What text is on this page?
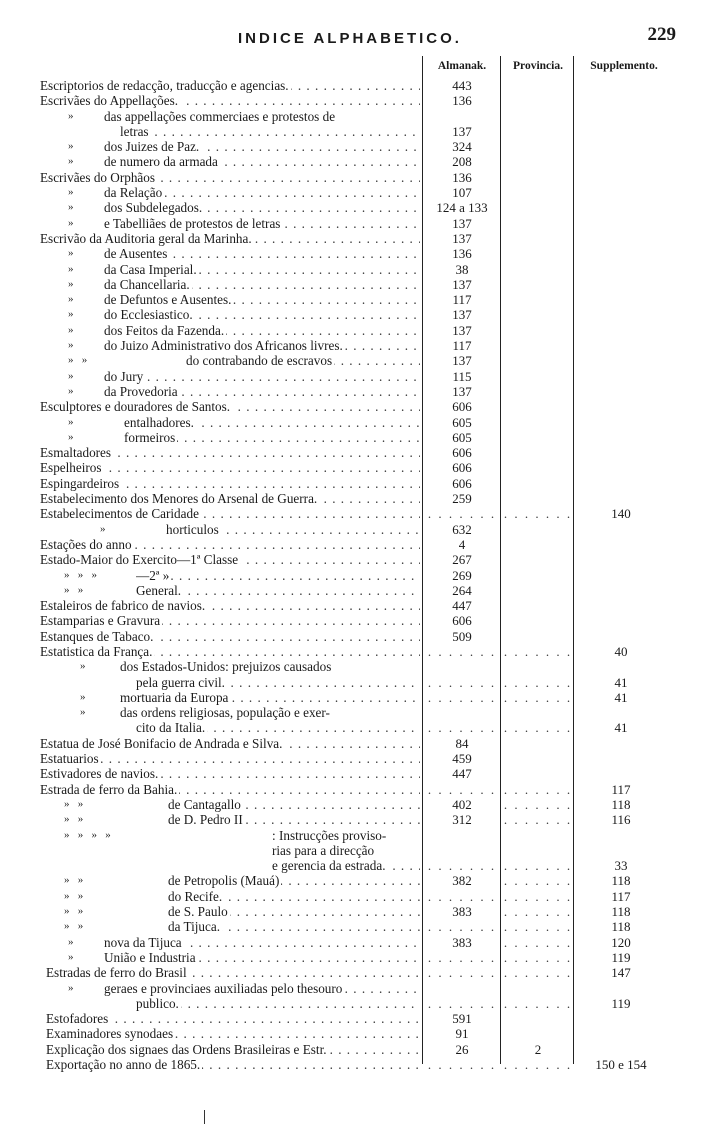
INDICE ALPHABETICO.	229
Almanak.	Provincia.	Supplemento.
Escriptorios de redacção, traducção e agencias. . . .	443
Escrivães do Appellações. . . .	136
» das appellações commerciaes e protestos de
letras . . .	137
» dos Juizes de Paz. . . .	324
» de numero da armada . . .	208
Escrivães do Orphãos . . .	136
» da Relação . . .	107
» dos Subdelegados. . . .	124 a 133
» e Tabelliães de protestos de letras . . .	137
Escrivão da Auditoria geral da Marinha. . . .	137
» de Ausentes . . .	136
» da Casa Imperial. . . .	38
» da Chancellaria. . . .	137
» de Defuntos e Ausentes. . . .	117
» do Ecclesiastico. . . .	137
» dos Feitos da Fazenda. . . .	137
» do Juizo Administrativo dos Africanos livres. . . .	117
»   »	do contrabando de escravos . . .	137
» do Jury . . .	115
» da Provedoria . . .	137
Esculptores e douradores de Santos. . . .	606
»	entalhadores. . . .	605
»	formeiros . . .	605
Esmaltadores . . .	606
Espelheiros . . .	606
Espingardeiros . . .	606
Estabelecimento dos Menores do Arsenal de Guerra. . . .	259
Estabelecimentos de Caridade . . .	. . . . . . . . . . . . . .	140
»	horticulos . . .	632
Estações do anno . . .	4
Estado-Maior do Exercito—1ª Classe . . .	267
»   »   »	—2ª » . . .	269
»   »	General. . . .	264
Estaleiros de fabrico de navios. . . .	447
Estamparias e Gravura . . .	606
Estanques de Tabaco. . . .	509
Estatistica da França. . . .	. . . . . . . . . . . . . .	40
»	dos Estados-Unidos: prejuizos causados
pela guerra civil. . . .	. . . . . . . . . . . . . .	41
»	mortuaria da Europa . . .	. . . . . . . . . . . . . .	41
»	das ordens religiosas, população e exer-
cito da Italia. . . .	. . . . . . . . . . . . . .	41
Estatua de José Bonifacio de Andrada e Silva. . . .	84
Estatuarios . . .	459
Estivadores de navios. . . .	447
Estrada de ferro da Bahia. . . .	. . . . . . . . . . . . . .	117
»   »	de Cantagallo . . .	402	. . . . . . .	118
»   »	de D. Pedro II . . .	312	. . . . . . .	116
»   »   »   »	: Instrucções proviso-
rias para a direcção
e gerencia da estrada. . . .	. . . . . . . . . . . . . .	33
»   »	de Petropolis (Mauá) . . .	382	. . . . . . .	118
»   »	do Recife. . . .	. . . . . . . . . . . . . .	117
»   »	de S. Paulo . . .	383	. . . . . . .	118
»   »	da Tijuca. . . .	. . . . . . . . . . . . . .	118
» nova da Tijuca . . .	383	. . . . . . .	120
» União e Industria . . .	. . . . . . . . . . . . . .	119
Estradas de ferro do Brasil . . .	. . . . . . . . . . . . . .	147
» geraes e provinciaes auxiliadas pelo thesouro . . .
publico. . . .	. . . . . . . . . . . . . .	119
Estofadores . . .	591
Examinadores synodaes . . .	91
Explicação dos signaes das Ordens Brasileiras e Estr. . . .	26	2
Exportação no anno de 1865. . . .	. . . . . . . . . . . . . .	150 e 154
